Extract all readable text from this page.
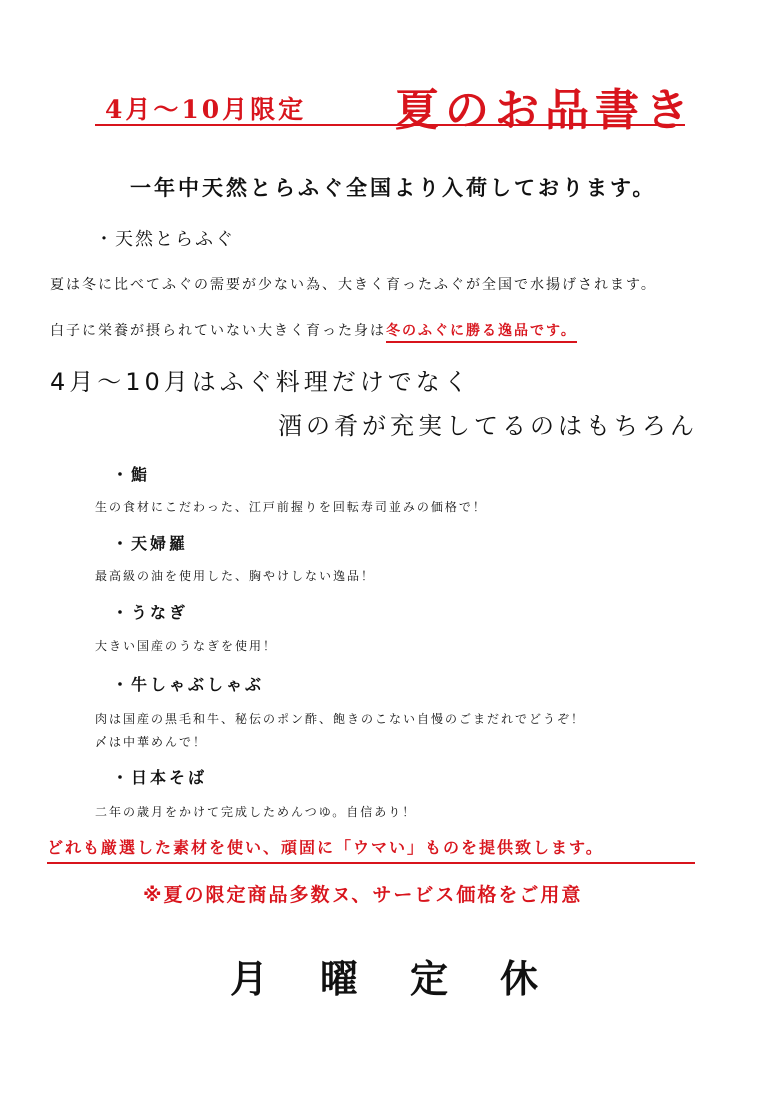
4月～10月限定 夏のお品書き
一年中天然とらふぐ全国より入荷しております。
・天然とらふぐ
夏は冬に比べてふぐの需要が少ない為、大きく育ったふぐが全国で水揚げされます。
白子に栄養が摂られていない大きく育った身は冬のふぐに勝る逸品です。
4月～10月はふぐ料理だけでなく
酒の肴が充実してるのはもちろん
・鮨
生の食材にこだわった、江戸前握りを回転寿司並みの価格で！
・天婦羅
最高級の油を使用した、胸やけしない逸品！
・うなぎ
大きい国産のうなぎを使用！
・牛しゃぶしゃぶ
肉は国産の黒毛和牛、秘伝のポン酢、飽きのこない自慢のごまだれでどうぞ！
〆は中華めんで！
・日本そば
二年の歳月をかけて完成しためんつゆ。自信あり！
どれも厳選した素材を使い、頑固に「ウマい」ものを提供致します。
※夏の限定商品多数ヌ、サービス価格をご用意
月曜定休
